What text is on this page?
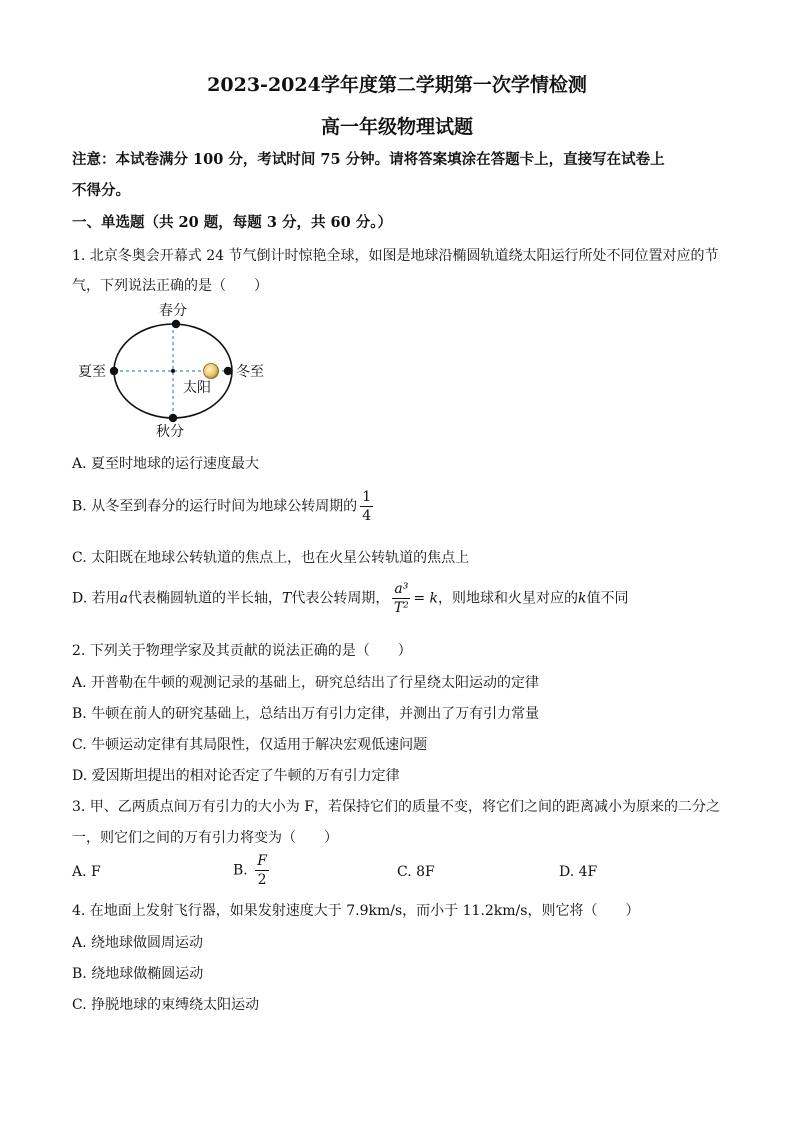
2023-2024学年度第二学期第一次学情检测
高一年级物理试题
注意：本试卷满分 100 分，考试时间 75 分钟。请将答案填涂在答题卡上，直接写在试卷上
不得分。
一、单选题（共 20 题，每题 3 分，共 60 分。）
1. 北京冬奥会开幕式 24 节气倒计时惊艳全球，如图是地球沿椭圆轨道绕太阳运行所处不同位置对应的节
气，下列说法正确的是（　　）
春分
夏至	冬至
秋分
太阳
A. 夏至时地球的运行速度最大
B. 从冬至到春分的运行时间为地球公转周期的 $\frac{1}{4}$
C. 太阳既在地球公转轨道的焦点上，也在火星公转轨道的焦点上
D. 若用a代表椭圆轨道的半长轴，T代表公转周期， $\frac{\text{a³}}{\text{T²}} = k$，则地球和火星对应的k值不同
2. 下列关于物理学家及其贡献的说法正确的是（　　）
A. 开普勒在牛顿的观测记录的基础上，研究总结出了行星绕太阳运动的定律
B. 牛顿在前人的研究基础上，总结出万有引力定律，并测出了万有引力常量
C. 牛顿运动定律有其局限性，仅适用于解决宏观低速问题
D. 爱因斯坦提出的相对论否定了牛顿的万有引力定律
3. 甲、乙两质点间万有引力的大小为 F，若保持它们的质量不变，将它们之间的距离减小为原来的二分之
一，则它们之间的万有引力将变为（　　）
A. F	B. $\frac{F}{2}$	C. 8F	D. 4F
4. 在地面上发射飞行器，如果发射速度大于 7.9km/s，而小于 11.2km/s，则它将（　　）
A. 绕地球做圆周运动
B. 绕地球做椭圆运动
C. 挣脱地球的束缚绕太阳运动
